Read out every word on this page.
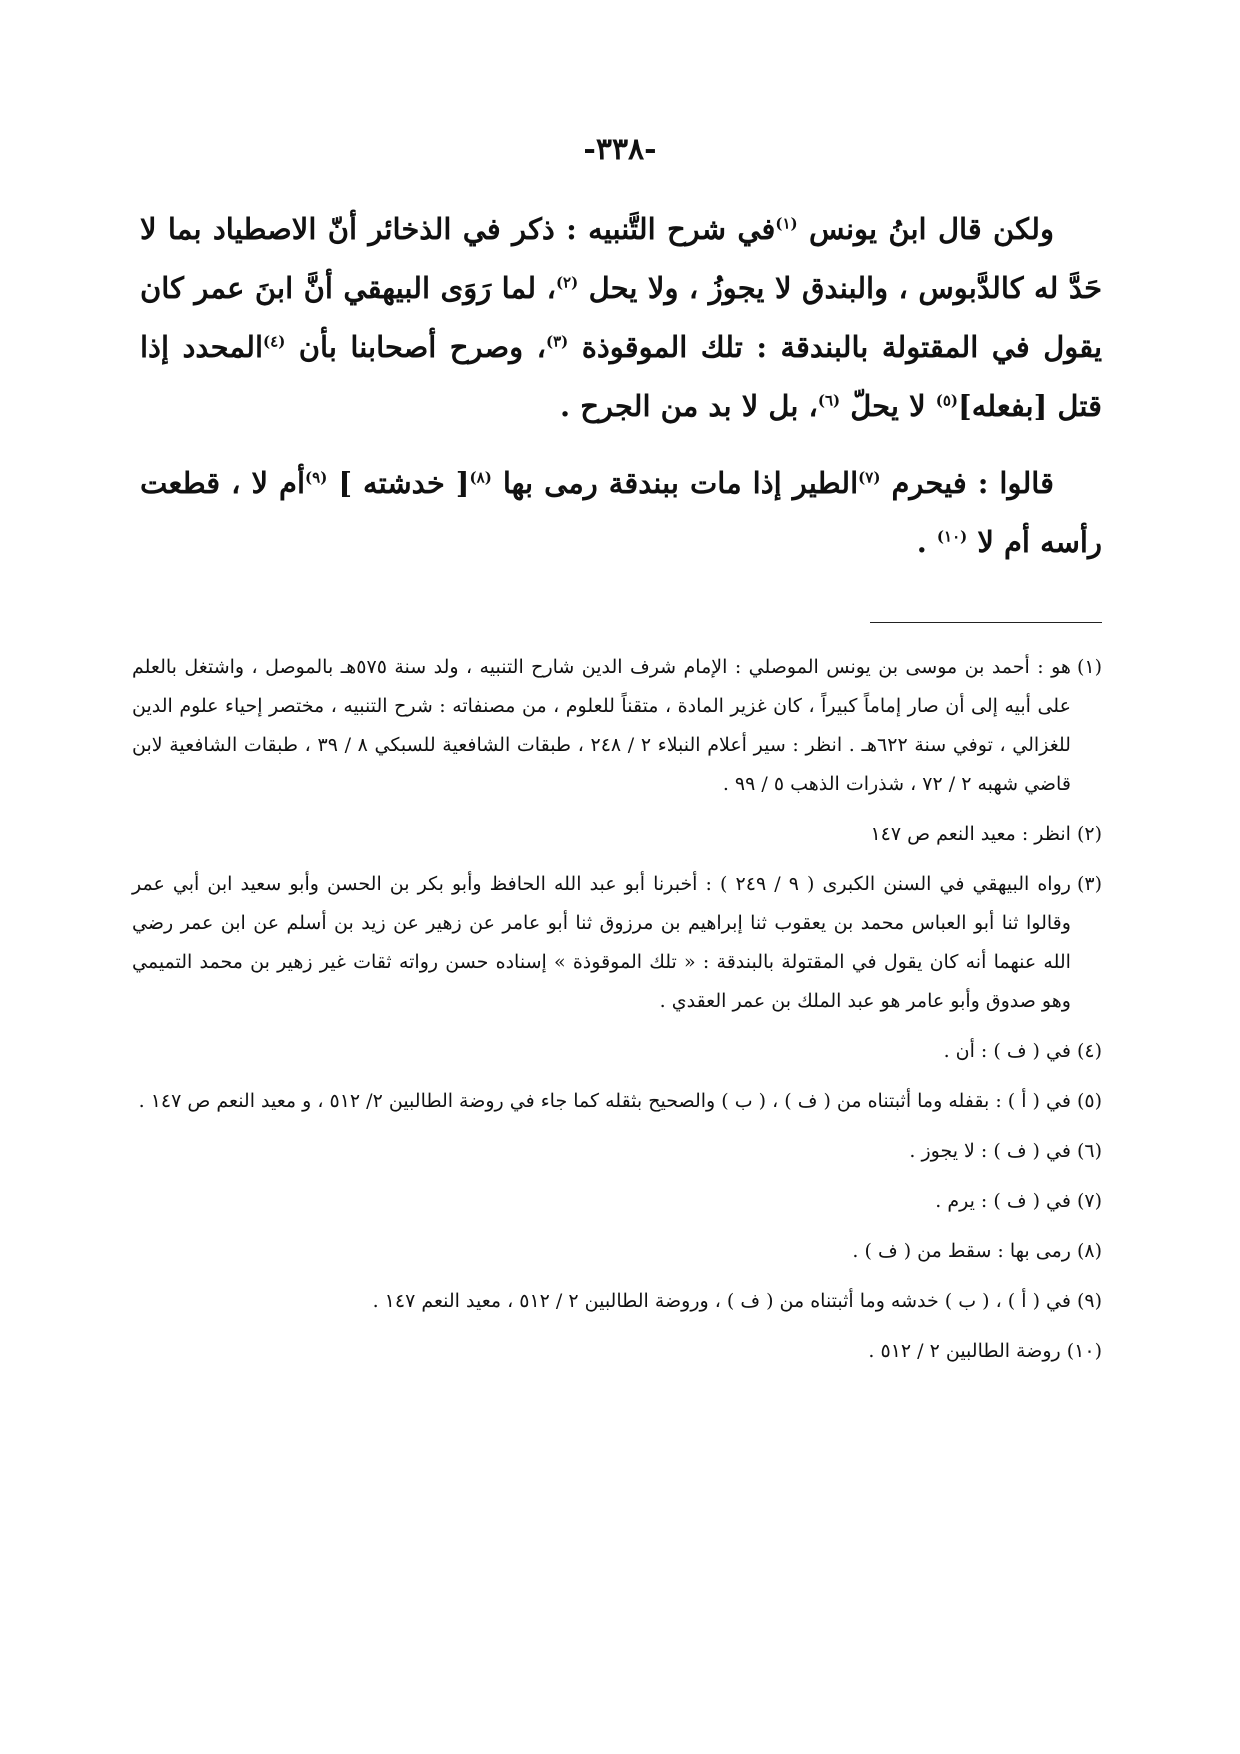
-٣٣٨-

ولكن قال ابنُ يونس $^{(١)}$في شرح التَّنبيه : ذكر في الذخائر أنّ الاصطياد بما لا حَدَّ له كالدَّبوس ، والبندق لا يجوزُ ، ولا يحل $^{(٢)}$، لما رَوَى البيهقي أنَّ ابنَ عمر كان يقول في المقتولة بالبندقة : تلك الموقوذة $^{(٣)}$، وصرح أصحابنا بأن $^{(٤)}$المحدد إذا قتل [بفعله]$^{(٥)}$ لا يحلّ $^{(٦)}$، بل لا بد من الجرح .

قالوا : فيحرم $^{(٧)}$الطير إذا مات ببندقة رمى بها $^{(٨)}$[ خدشته ] $^{(٩)}$أم لا ، قطعت رأسه أم لا $^{(١٠)}$ .

(١)
هو : أحمد بن موسى بن يونس الموصلي : الإمام شرف الدين شارح التنبيه ، ولد سنة ٥٧٥هـ بالموصل ، واشتغل بالعلم على أبيه إلى أن صار إماماً كبيراً ، كان غزير المادة ، متقناً للعلوم ، من مصنفاته : شرح التنبيه ، مختصر إحياء علوم الدين للغزالي ، توفي سنة ٦٢٢هـ . انظر : سير أعلام النبلاء ٢ / ٢٤٨ ، طبقات الشافعية للسبكي ٨ / ٣٩ ، طبقات الشافعية لابن قاضي شهبه ٢ / ٧٢ ، شذرات الذهب ٥ / ٩٩ .
(٢)
انظر : معيد النعم ص ١٤٧
(٣)
رواه البيهقي في السنن الكبرى ( ٩ / ٢٤٩ ) : أخبرنا أبو عبد الله الحافظ وأبو بكر بن الحسن وأبو سعيد ابن أبي عمر وقالوا ثنا أبو العباس محمد بن يعقوب ثنا إبراهيم بن مرزوق ثنا أبو عامر عن زهير عن زيد بن أسلم عن ابن عمر رضي الله عنهما أنه كان يقول في المقتولة بالبندقة : « تلك الموقوذة » إسناده حسن رواته ثقات غير زهير بن محمد التميمي وهو صدوق وأبو عامر هو عبد الملك بن عمر العقدي .
(٤)
في ( ف ) : أن .
(٥)
في ( أ ) : بقفله وما أثبتناه من ( ف ) ، ( ب ) والصحيح بثقله كما جاء في روضة الطالبين ٢/ ٥١٢ ، و معيد النعم ص ١٤٧ .
(٦)
في ( ف ) : لا يجوز .
(٧)
في ( ف ) : يرم .
(٨)
رمى بها : سقط من ( ف ) .
(٩)
في ( أ ) ، ( ب ) خدشه وما أثبتناه من ( ف ) ، وروضة الطالبين ٢ / ٥١٢ ، معيد النعم ١٤٧ .
(١٠)
روضة الطالبين ٢ / ٥١٢ .
